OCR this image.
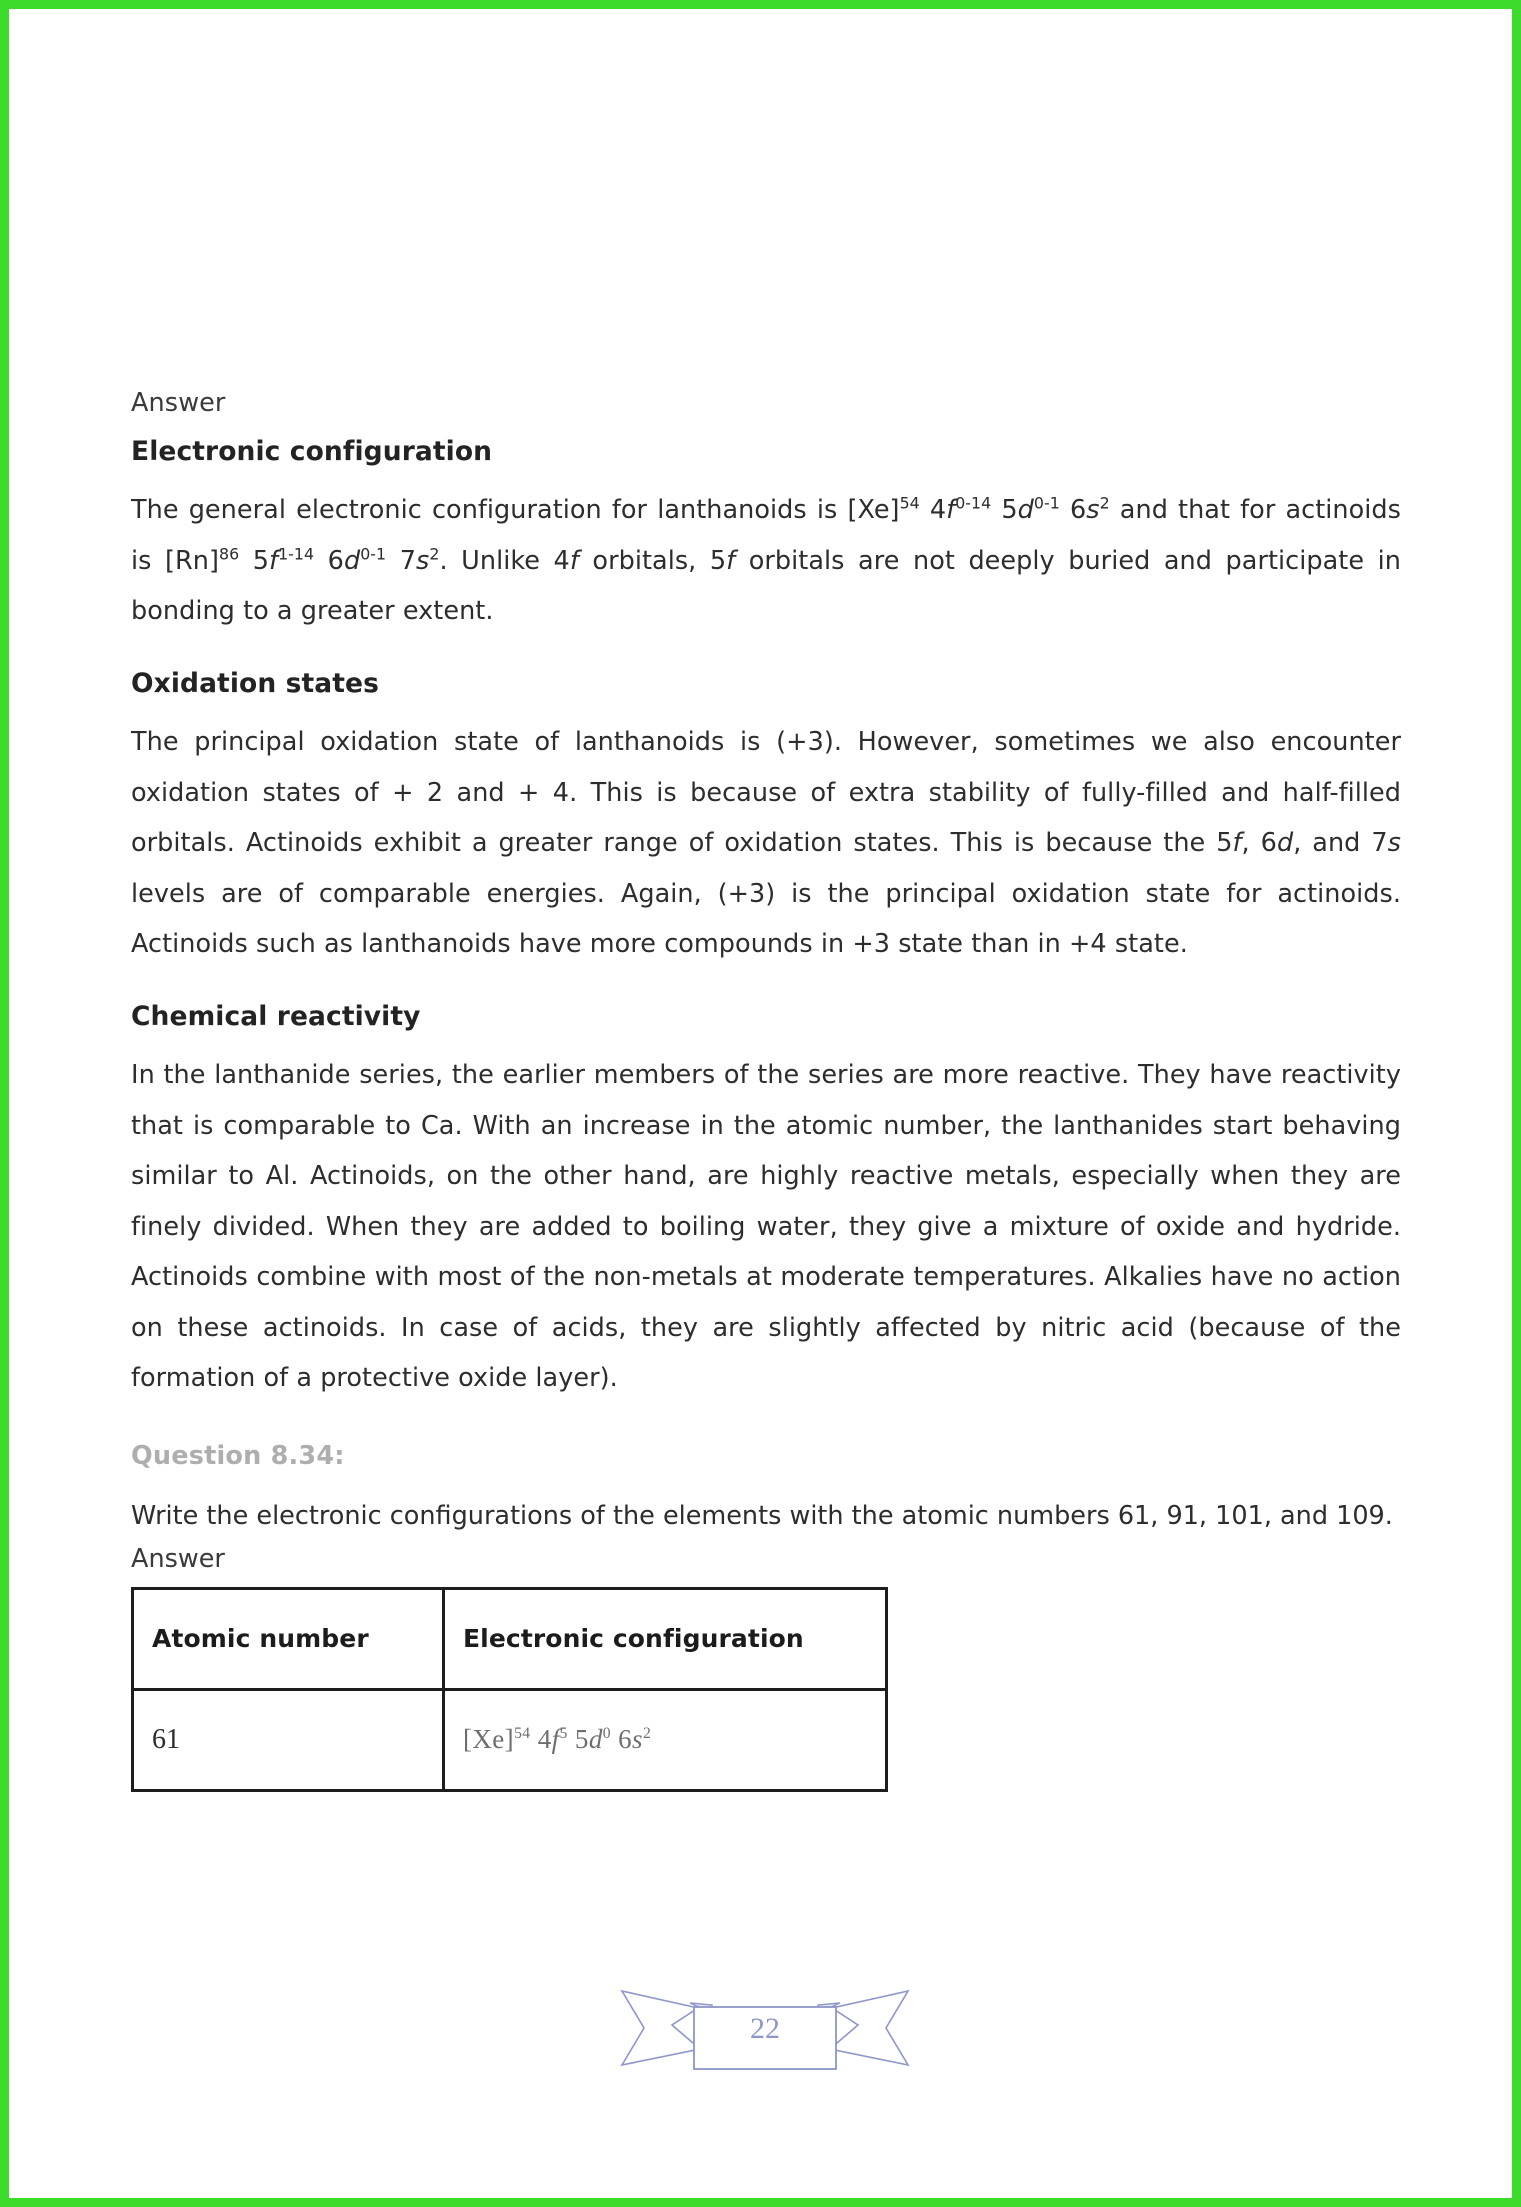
Answer
Electronic configuration

The general electronic configuration for lanthanoids is $[Xe]^{54}$ $4f^{0-14}$ $5d^{0-1}$ $6s^2$ and that for actinoids is $[Rn]^{86}$ $5f^{1-14}$ $6d^{0-1}$ $7s^2$. Unlike 4f orbitals, 5f orbitals are not deeply buried and participate in bonding to a greater extent.

Oxidation states

The principal oxidation state of lanthanoids is (+3). However, sometimes we also encounter oxidation states of + 2 and + 4. This is because of extra stability of fully-filled and half-filled orbitals. Actinoids exhibit a greater range of oxidation states. This is because the 5f, 6d, and 7s levels are of comparable energies. Again, (+3) is the principal oxidation state for actinoids. Actinoids such as lanthanoids have more compounds in +3 state than in +4 state.

Chemical reactivity

In the lanthanide series, the earlier members of the series are more reactive. They have reactivity that is comparable to Ca. With an increase in the atomic number, the lanthanides start behaving similar to Al. Actinoids, on the other hand, are highly reactive metals, especially when they are finely divided. When they are added to boiling water, they give a mixture of oxide and hydride. Actinoids combine with most of the non-metals at moderate temperatures. Alkalies have no action on these actinoids. In case of acids, they are slightly affected by nitric acid (because of the formation of a protective oxide layer).

Question 8.34:

Write the electronic configurations of the elements with the atomic numbers 61, 91, 101, and 109.

Answer
Atomic number	Electronic configuration
61	$[Xe]^{54}$ $4f^5$ $5d^0$ $6s^2$
22
